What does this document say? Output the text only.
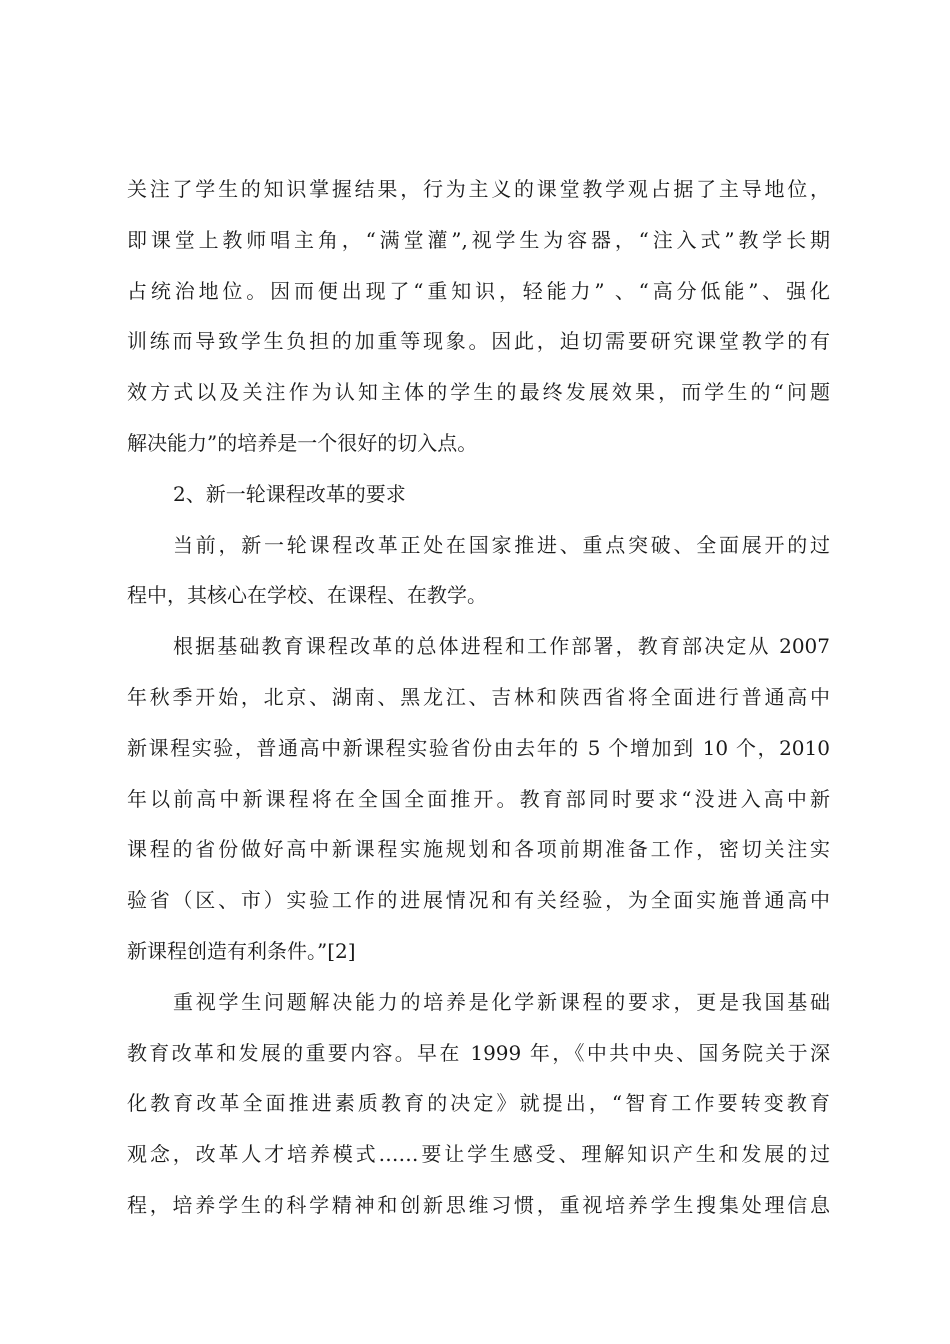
关注了学生的知识掌握结果，行为主义的课堂教学观占据了主导地位，
即课堂上教师唱主角，“满堂灌”,视学生为容器，“注入式”教学长期
占统治地位。因而便出现了“重知识，轻能力” 、“高分低能”、强化
训练而导致学生负担的加重等现象。因此，迫切需要研究课堂教学的有
效方式以及关注作为认知主体的学生的最终发展效果，而学生的“问题
解决能力”的培养是一个很好的切入点。
2、新一轮课程改革的要求
当前，新一轮课程改革正处在国家推进、重点突破、全面展开的过
程中，其核心在学校、在课程、在教学。
根据基础教育课程改革的总体进程和工作部署，教育部决定从 2007
年秋季开始，北京、湖南、黑龙江、吉林和陕西省将全面进行普通高中
新课程实验，普通高中新课程实验省份由去年的 5 个增加到 10 个，2010
年以前高中新课程将在全国全面推开。教育部同时要求“没进入高中新
课程的省份做好高中新课程实施规划和各项前期准备工作，密切关注实
验省（区、市）实验工作的进展情况和有关经验，为全面实施普通高中
新课程创造有利条件。”[2]
重视学生问题解决能力的培养是化学新课程的要求，更是我国基础
教育改革和发展的重要内容。早在 1999 年，《中共中央、国务院关于深
化教育改革全面推进素质教育的决定》就提出，“智育工作要转变教育
观念，改革人才培养模式……要让学生感受、理解知识产生和发展的过
程，培养学生的科学精神和创新思维习惯，重视培养学生搜集处理信息
